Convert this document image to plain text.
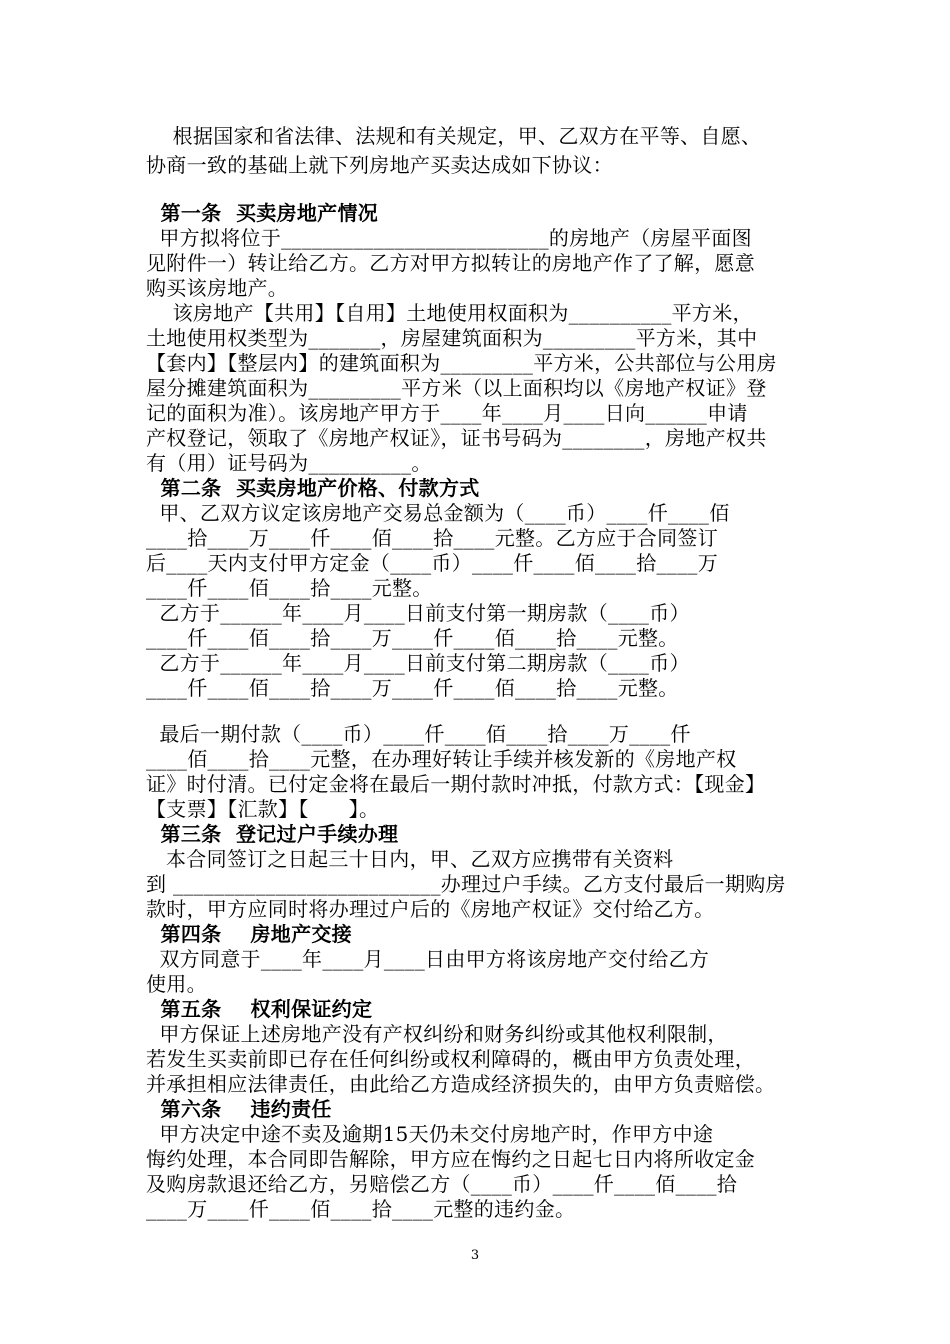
根据国家和省法律、法规和有关规定，甲、乙双方在平等、自愿、
协商一致的基础上就下列房地产买卖达成如下协议：
第一条  买卖房地产情况
甲方拟将位于__________________________的房地产（房屋平面图
见附件一）转让给乙方。乙方对甲方拟转让的房地产作了了解，愿意
购买该房地产。
该房地产【共用】【自用】土地使用权面积为__________平方米，
土地使用权类型为_______，房屋建筑面积为_________平方米，其中
【套内】【整层内】的建筑面积为_________平方米，公共部位与公用房
屋分摊建筑面积为_________平方米（以上面积均以《房地产权证》登
记的面积为准）。该房地产甲方于____年____月____日向______申请
产权登记，领取了《房地产权证》，证书号码为________，房地产权共
有（用）证号码为__________。
第二条  买卖房地产价格、付款方式
甲、乙双方议定该房地产交易总金额为（____币）____仟____佰
____拾____万____仟____佰____拾____元整。乙方应于合同签订
后____天内支付甲方定金（____币）____仟____佰____拾____万
____仟____佰____拾____元整。
乙方于______年____月____日前支付第一期房款（____币）
____仟____佰____拾____万____仟____佰____拾____元整。
乙方于______年____月____日前支付第二期房款（____币）
____仟____佰____拾____万____仟____佰____拾____元整。
最后一期付款（____币）____仟____佰____拾____万____仟
____佰____拾____元整，在办理好转让手续并核发新的《房地产权
证》时付清。已付定金将在最后一期付款时冲抵，付款方式：【现金】
【支票】【汇款】【      】。
第三条  登记过户手续办理
本合同签订之日起三十日内，甲、乙双方应携带有关资料
到 __________________________办理过户手续。乙方支付最后一期购房
款时，甲方应同时将办理过户后的《房地产权证》交付给乙方。
第四条    房地产交接
双方同意于____年____月____日由甲方将该房地产交付给乙方
使用。
第五条    权利保证约定
甲方保证上述房地产没有产权纠纷和财务纠纷或其他权利限制，
若发生买卖前即已存在任何纠纷或权利障碍的，概由甲方负责处理，
并承担相应法律责任，由此给乙方造成经济损失的，由甲方负责赔偿。
第六条    违约责任
甲方决定中途不卖及逾期15天仍未交付房地产时，作甲方中途
悔约处理，本合同即告解除，甲方应在悔约之日起七日内将所收定金
及购房款退还给乙方，另赔偿乙方（____币）____仟____佰____拾
____万____仟____佰____拾____元整的违约金。
3
